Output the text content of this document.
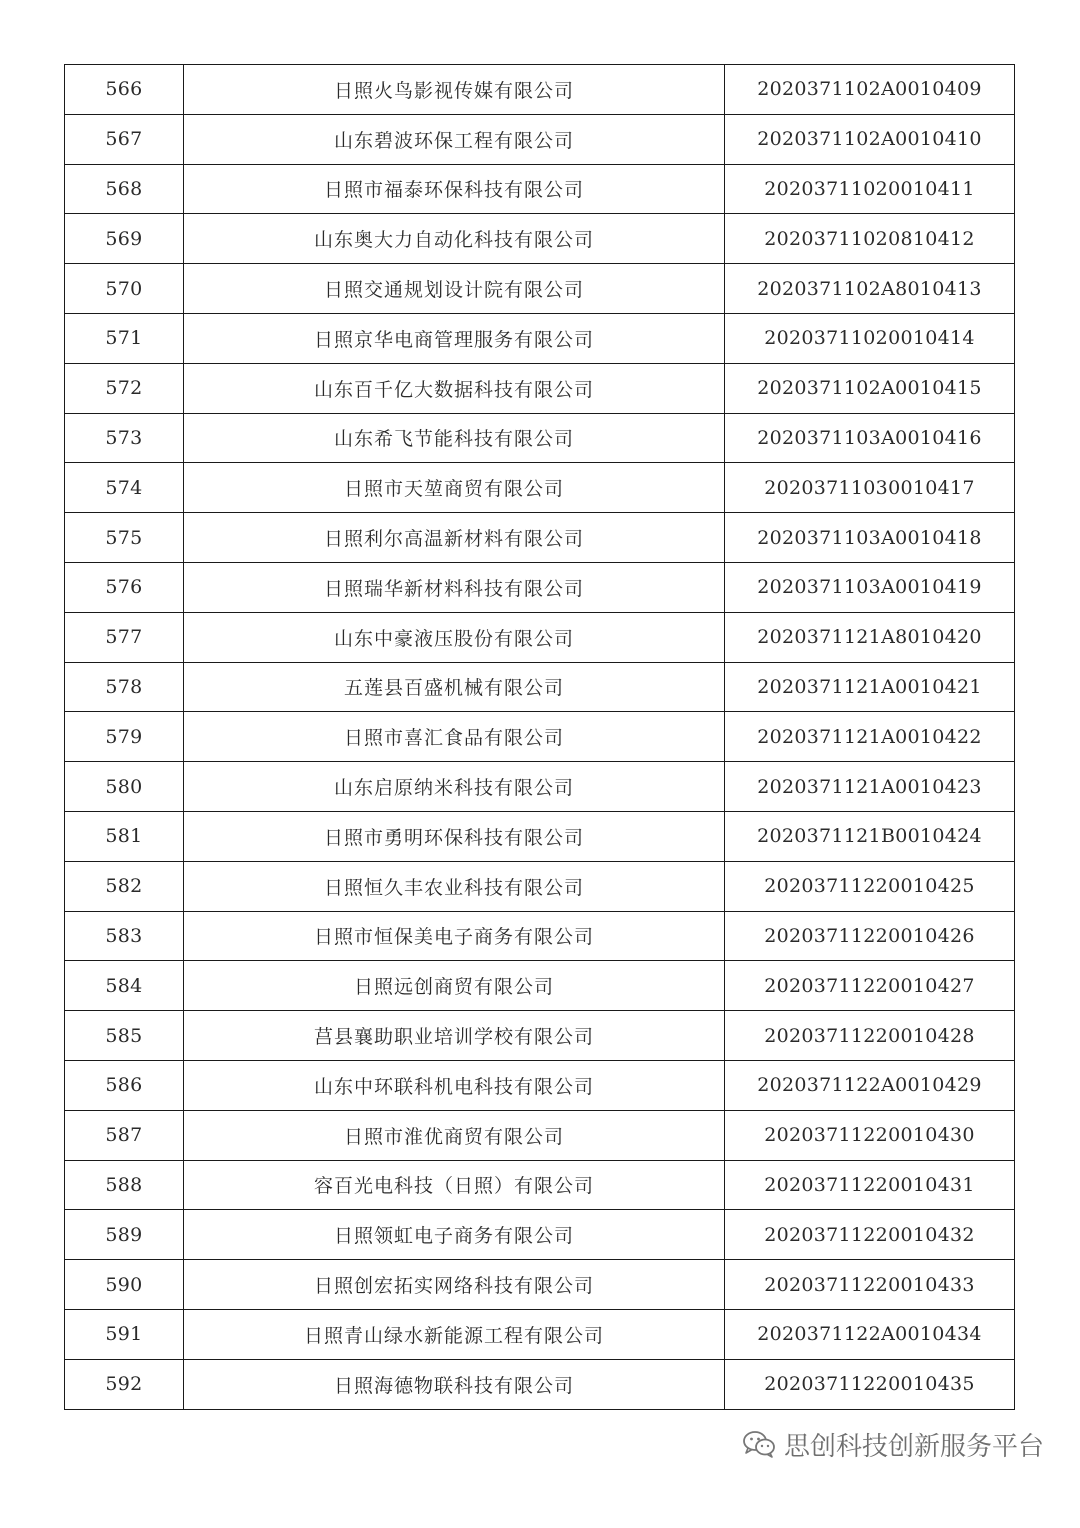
566	日照火鸟影视传媒有限公司	2020371102A0010409
567	山东碧波环保工程有限公司	2020371102A0010410
568	日照市福泰环保科技有限公司	20203711020010411
569	山东奥大力自动化科技有限公司	20203711020810412
570	日照交通规划设计院有限公司	2020371102A8010413
571	日照京华电商管理服务有限公司	20203711020010414
572	山东百千亿大数据科技有限公司	2020371102A0010415
573	山东希飞节能科技有限公司	2020371103A0010416
574	日照市天堃商贸有限公司	20203711030010417
575	日照利尔高温新材料有限公司	2020371103A0010418
576	日照瑞华新材料科技有限公司	2020371103A0010419
577	山东中豪液压股份有限公司	2020371121A8010420
578	五莲县百盛机械有限公司	2020371121A0010421
579	日照市喜汇食品有限公司	2020371121A0010422
580	山东启原纳米科技有限公司	2020371121A0010423
581	日照市勇明环保科技有限公司	2020371121B0010424
582	日照恒久丰农业科技有限公司	20203711220010425
583	日照市恒保美电子商务有限公司	20203711220010426
584	日照远创商贸有限公司	20203711220010427
585	莒县襄助职业培训学校有限公司	20203711220010428
586	山东中环联科机电科技有限公司	2020371122A0010429
587	日照市淮优商贸有限公司	20203711220010430
588	容百光电科技（日照）有限公司	20203711220010431
589	日照领虹电子商务有限公司	20203711220010432
590	日照创宏拓实网络科技有限公司	20203711220010433
591	日照青山绿水新能源工程有限公司	2020371122A0010434
592	日照海德物联科技有限公司	20203711220010435
思创科技创新服务平台
